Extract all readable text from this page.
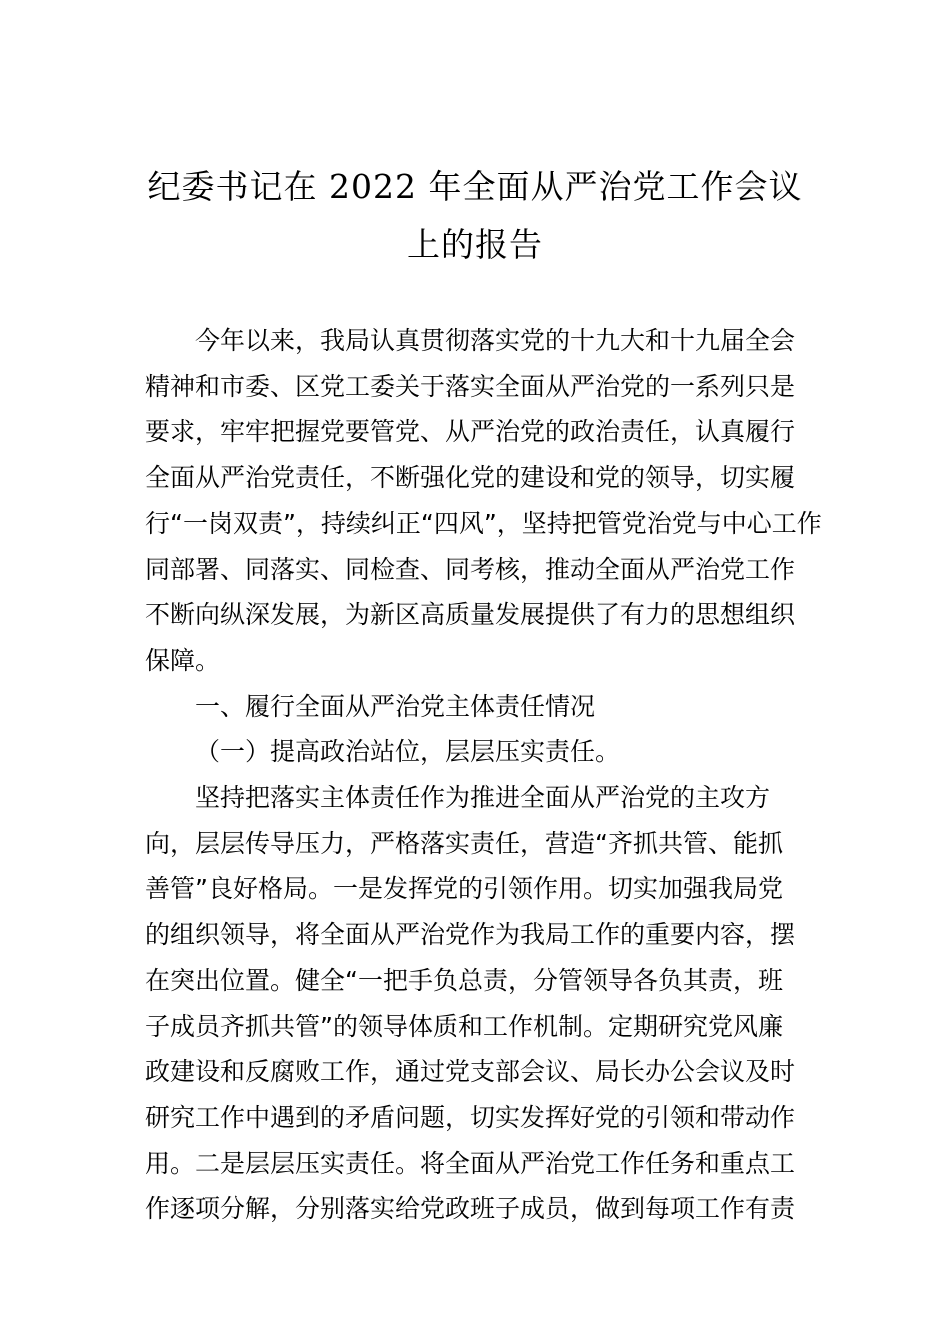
纪委书记在 2022 年全面从严治党工作会议
上的报告
今年以来，我局认真贯彻落实党的十九大和十九届全会
精神和市委、区党工委关于落实全面从严治党的一系列只是
要求，牢牢把握党要管党、从严治党的政治责任，认真履行
全面从严治党责任，不断强化党的建设和党的领导，切实履
行“一岗双责”，持续纠正“四风”，坚持把管党治党与中心工作
同部署、同落实、同检查、同考核，推动全面从严治党工作
不断向纵深发展，为新区高质量发展提供了有力的思想组织
保障。
一、履行全面从严治党主体责任情况
（一）提高政治站位，层层压实责任。
坚持把落实主体责任作为推进全面从严治党的主攻方
向，层层传导压力，严格落实责任，营造“齐抓共管、能抓
善管”良好格局。一是发挥党的引领作用。切实加强我局党
的组织领导，将全面从严治党作为我局工作的重要内容，摆
在突出位置。健全“一把手负总责，分管领导各负其责，班
子成员齐抓共管”的领导体质和工作机制。定期研究党风廉
政建设和反腐败工作，通过党支部会议、局长办公会议及时
研究工作中遇到的矛盾问题，切实发挥好党的引领和带动作
用。二是层层压实责任。将全面从严治党工作任务和重点工
作逐项分解，分别落实给党政班子成员，做到每项工作有责
